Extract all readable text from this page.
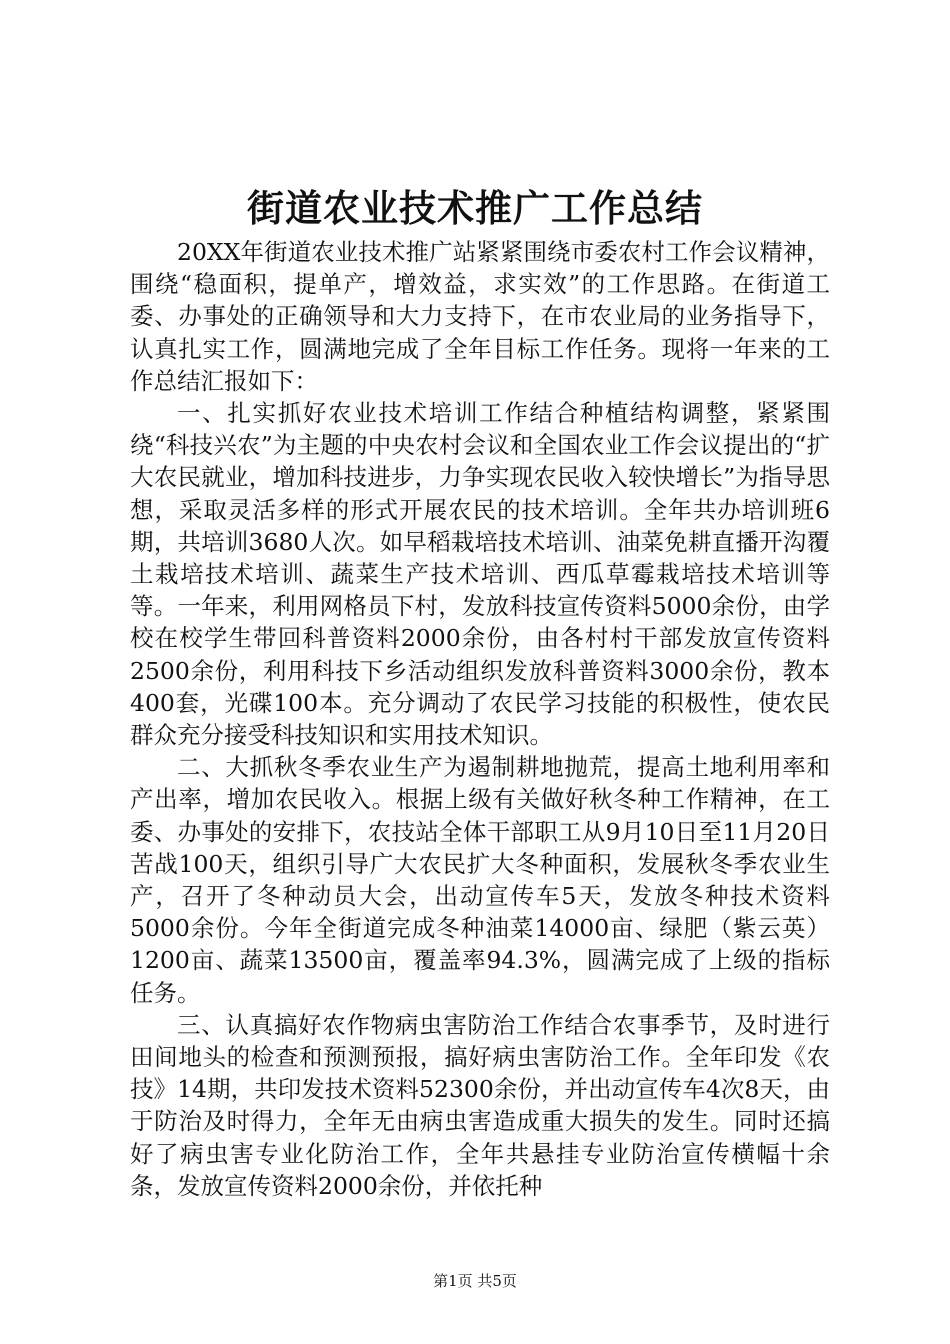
街道农业技术推广工作总结

20XX年街道农业技术推广站紧紧围绕市委农村工作会议精神，围绕“稳面积，提单产，增效益，求实效”的工作思路。在街道工委、办事处的正确领导和大力支持下，在市农业局的业务指导下，认真扎实工作，圆满地完成了全年目标工作任务。现将一年来的工作总结汇报如下：

一、扎实抓好农业技术培训工作结合种植结构调整，紧紧围绕“科技兴农”为主题的中央农村会议和全国农业工作会议提出的“扩大农民就业，增加科技进步，力争实现农民收入较快增长”为指导思想，采取灵活多样的形式开展农民的技术培训。全年共办培训班6期，共培训3680人次。如早稻栽培技术培训、油菜免耕直播开沟覆土栽培技术培训、蔬菜生产技术培训、西瓜草霉栽培技术培训等等。一年来，利用网格员下村，发放科技宣传资料5000余份，由学校在校学生带回科普资料2000余份，由各村村干部发放宣传资料2500余份，利用科技下乡活动组织发放科普资料3000余份，教本400套，光碟100本。充分调动了农民学习技能的积极性，使农民群众充分接受科技知识和实用技术知识。

二、大抓秋冬季农业生产为遏制耕地抛荒，提高土地利用率和产出率，增加农民收入。根据上级有关做好秋冬种工作精神，在工委、办事处的安排下，农技站全体干部职工从9月10日至11月20日苦战100天，组织引导广大农民扩大冬种面积，发展秋冬季农业生产，召开了冬种动员大会，出动宣传车5天，发放冬种技术资料5000余份。今年全街道完成冬种油菜14000亩、绿肥（紫云英）1200亩、蔬菜13500亩，覆盖率94.3%，圆满完成了上级的指标任务。

三、认真搞好农作物病虫害防治工作结合农事季节，及时进行田间地头的检查和预测预报，搞好病虫害防治工作。全年印发《农技》14期，共印发技术资料52300余份，并出动宣传车4次8天，由于防治及时得力，全年无由病虫害造成重大损失的发生。同时还搞好了病虫害专业化防治工作，全年共悬挂专业防治宣传横幅十余条，发放宣传资料2000余份，并依托种

第1页 共5页
